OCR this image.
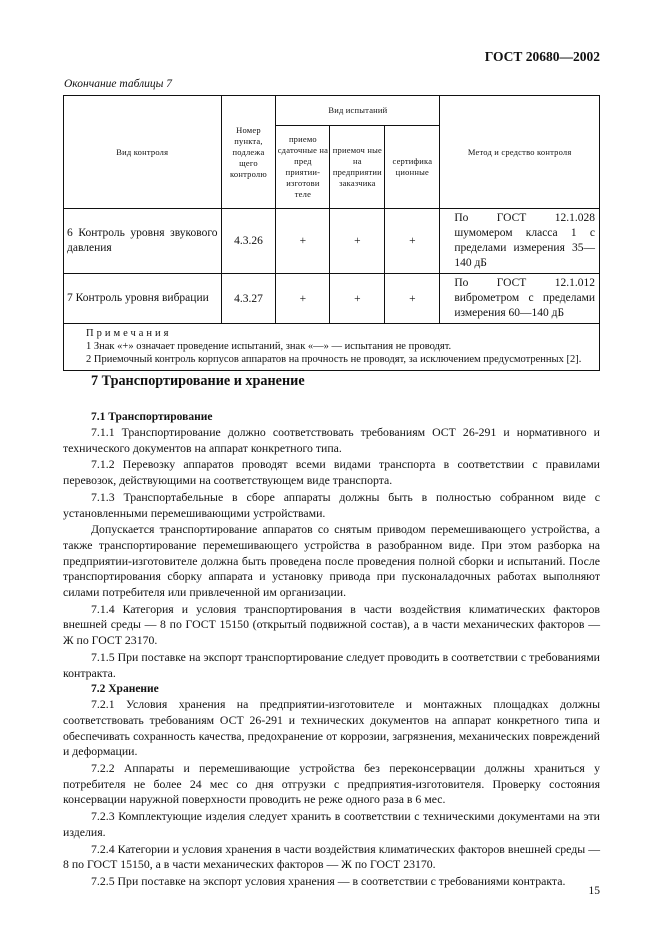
ГОСТ 20680—2002
Окончание таблицы 7
Вид контроля	Номер пункта, подлежа щего контролю	Вид испытаний			Метод и средство контроля
		приемо сдаточные на пред приятии- изготови теле	приемоч ные на предприятии заказчика	сертифика ционные	
6 Контроль уровня звукового давления	4.3.26	+	+	+	По ГОСТ 12.1.028 шумомером класса 1 с пределами измерения 35—140 дБ
7 Контроль уровня вибрации	4.3.27	+	+	+	По ГОСТ 12.1.012 виброметром с пределами измерения 60—140 дБ

Примечания
1 Знак «+» означает проведение испытаний, знак «—» — испытания не проводят.
2 Приемочный контроль корпусов аппаратов на прочность не проводят, за исключением предусмотренных [2].					
7 Транспортирование и хранение
7.1 Транспортирование

7.1.1 Транспортирование должно соответствовать требованиям ОСТ 26-291 и нормативного и технического документов на аппарат конкретного типа.

7.1.2 Перевозку аппаратов проводят всеми видами транспорта в соответствии с правилами перевозок, действующими на соответствующем виде транспорта.

7.1.3 Транспортабельные в сборе аппараты должны быть в полностью собранном виде с установленными перемешивающими устройствами.

Допускается транспортирование аппаратов со снятым приводом перемешивающего устройства, а также транспортирование перемешивающего устройства в разобранном виде. При этом разборка на предприятии-изготовителе должна быть проведена после проведения полной сборки и испытаний. После транспортирования сборку аппарата и установку привода при пусконаладочных работах выполняют силами потребителя или привлеченной им организации.

7.1.4 Категория и условия транспортирования в части воздействия климатических факторов внешней среды — 8 по ГОСТ 15150 (открытый подвижной состав), а в части механических факторов — Ж по ГОСТ 23170.

7.1.5 При поставке на экспорт транспортирование следует проводить в соответствии с требованиями контракта.

7.2 Хранение

7.2.1 Условия хранения на предприятии-изготовителе и монтажных площадках должны соответствовать требованиям ОСТ 26-291 и технических документов на аппарат конкретного типа и обеспечивать сохранность качества, предохранение от коррозии, загрязнения, механических повреждений и деформации.

7.2.2 Аппараты и перемешивающие устройства без переконсервации должны храниться у потребителя не более 24 мес со дня отгрузки с предприятия-изготовителя. Проверку состояния консервации наружной поверхности проводить не реже одного раза в 6 мес.

7.2.3 Комплектующие изделия следует хранить в соответствии с техническими документами на эти изделия.

7.2.4 Категории и условия хранения в части воздействия климатических факторов внешней среды — 8 по ГОСТ 15150, а в части механических факторов — Ж по ГОСТ 23170.

7.2.5 При поставке на экспорт условия хранения — в соответствии с требованиями контракта.

15
